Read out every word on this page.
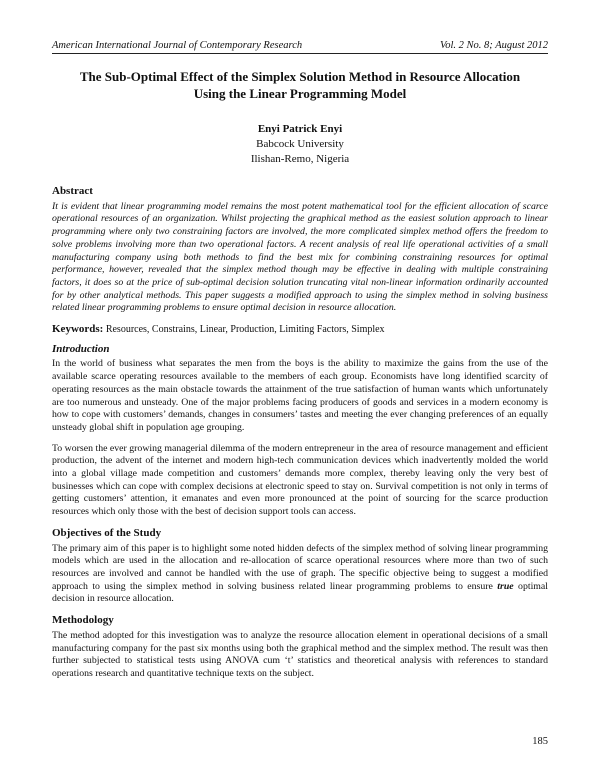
American International Journal of Contemporary Research	Vol. 2 No. 8; August 2012
The Sub-Optimal Effect of the Simplex Solution Method in Resource Allocation
Using the Linear Programming Model
Enyi Patrick Enyi
Babcock University
Ilishan-Remo, Nigeria
Abstract
It is evident that linear programming model remains the most potent mathematical tool for the efficient allocation of scarce operational resources of an organization. Whilst projecting the graphical method as the easiest solution approach to linear programming where only two constraining factors are involved, the more complicated simplex method offers the freedom to solve problems involving more than two operational factors. A recent analysis of real life operational activities of a small manufacturing company using both methods to find the best mix for combining constraining resources for optimal performance, however, revealed that the simplex method though may be effective in dealing with multiple constraining factors, it does so at the price of sub-optimal decision solution truncating vital non-linear information ordinarily accounted for by other analytical methods. This paper suggests a modified approach to using the simplex method in solving business related linear programming problems to ensure optimal decision in resource allocation.
Keywords: Resources, Constrains, Linear, Production, Limiting Factors, Simplex
Introduction

In the world of business what separates the men from the boys is the ability to maximize the gains from the use of the available scarce operating resources available to the members of each group. Economists have long identified scarcity of operating resources as the main obstacle towards the attainment of the true satisfaction of human wants which unfortunately are too numerous and unsteady. One of the major problems facing producers of goods and services in a modern economy is how to cope with customers’ demands, changes in consumers’ tastes and meeting the ever changing preferences of an equally unsteady global shift in population age grouping.

To worsen the ever growing managerial dilemma of the modern entrepreneur in the area of resource management and efficient production, the advent of the internet and modern high-tech communication devices which inadvertently molded the world into a global village made competition and customers’ demands more complex, thereby leaving only the very best of businesses which can cope with complex decisions at electronic speed to stay on. Survival competition is not only in terms of getting customers’ attention, it emanates and even more pronounced at the point of sourcing for the scarce production resources which only those with the best of decision support tools can access.

Objectives of the Study

The primary aim of this paper is to highlight some noted hidden defects of the simplex method of solving linear programming models which are used in the allocation and re-allocation of scarce operational resources where more than two of such resources are involved and cannot be handled with the use of graph. The specific objective being to suggest a modified approach to using the simplex method in solving business related linear programming problems to ensure true optimal decision in resource allocation.

Methodology

The method adopted for this investigation was to analyze the resource allocation element in operational decisions of a small manufacturing company for the past six months using both the graphical method and the simplex method. The result was then further subjected to statistical tests using ANOVA cum ‘t’ statistics and theoretical analysis with references to standard operations research and quantitative technique texts on the subject.

185
